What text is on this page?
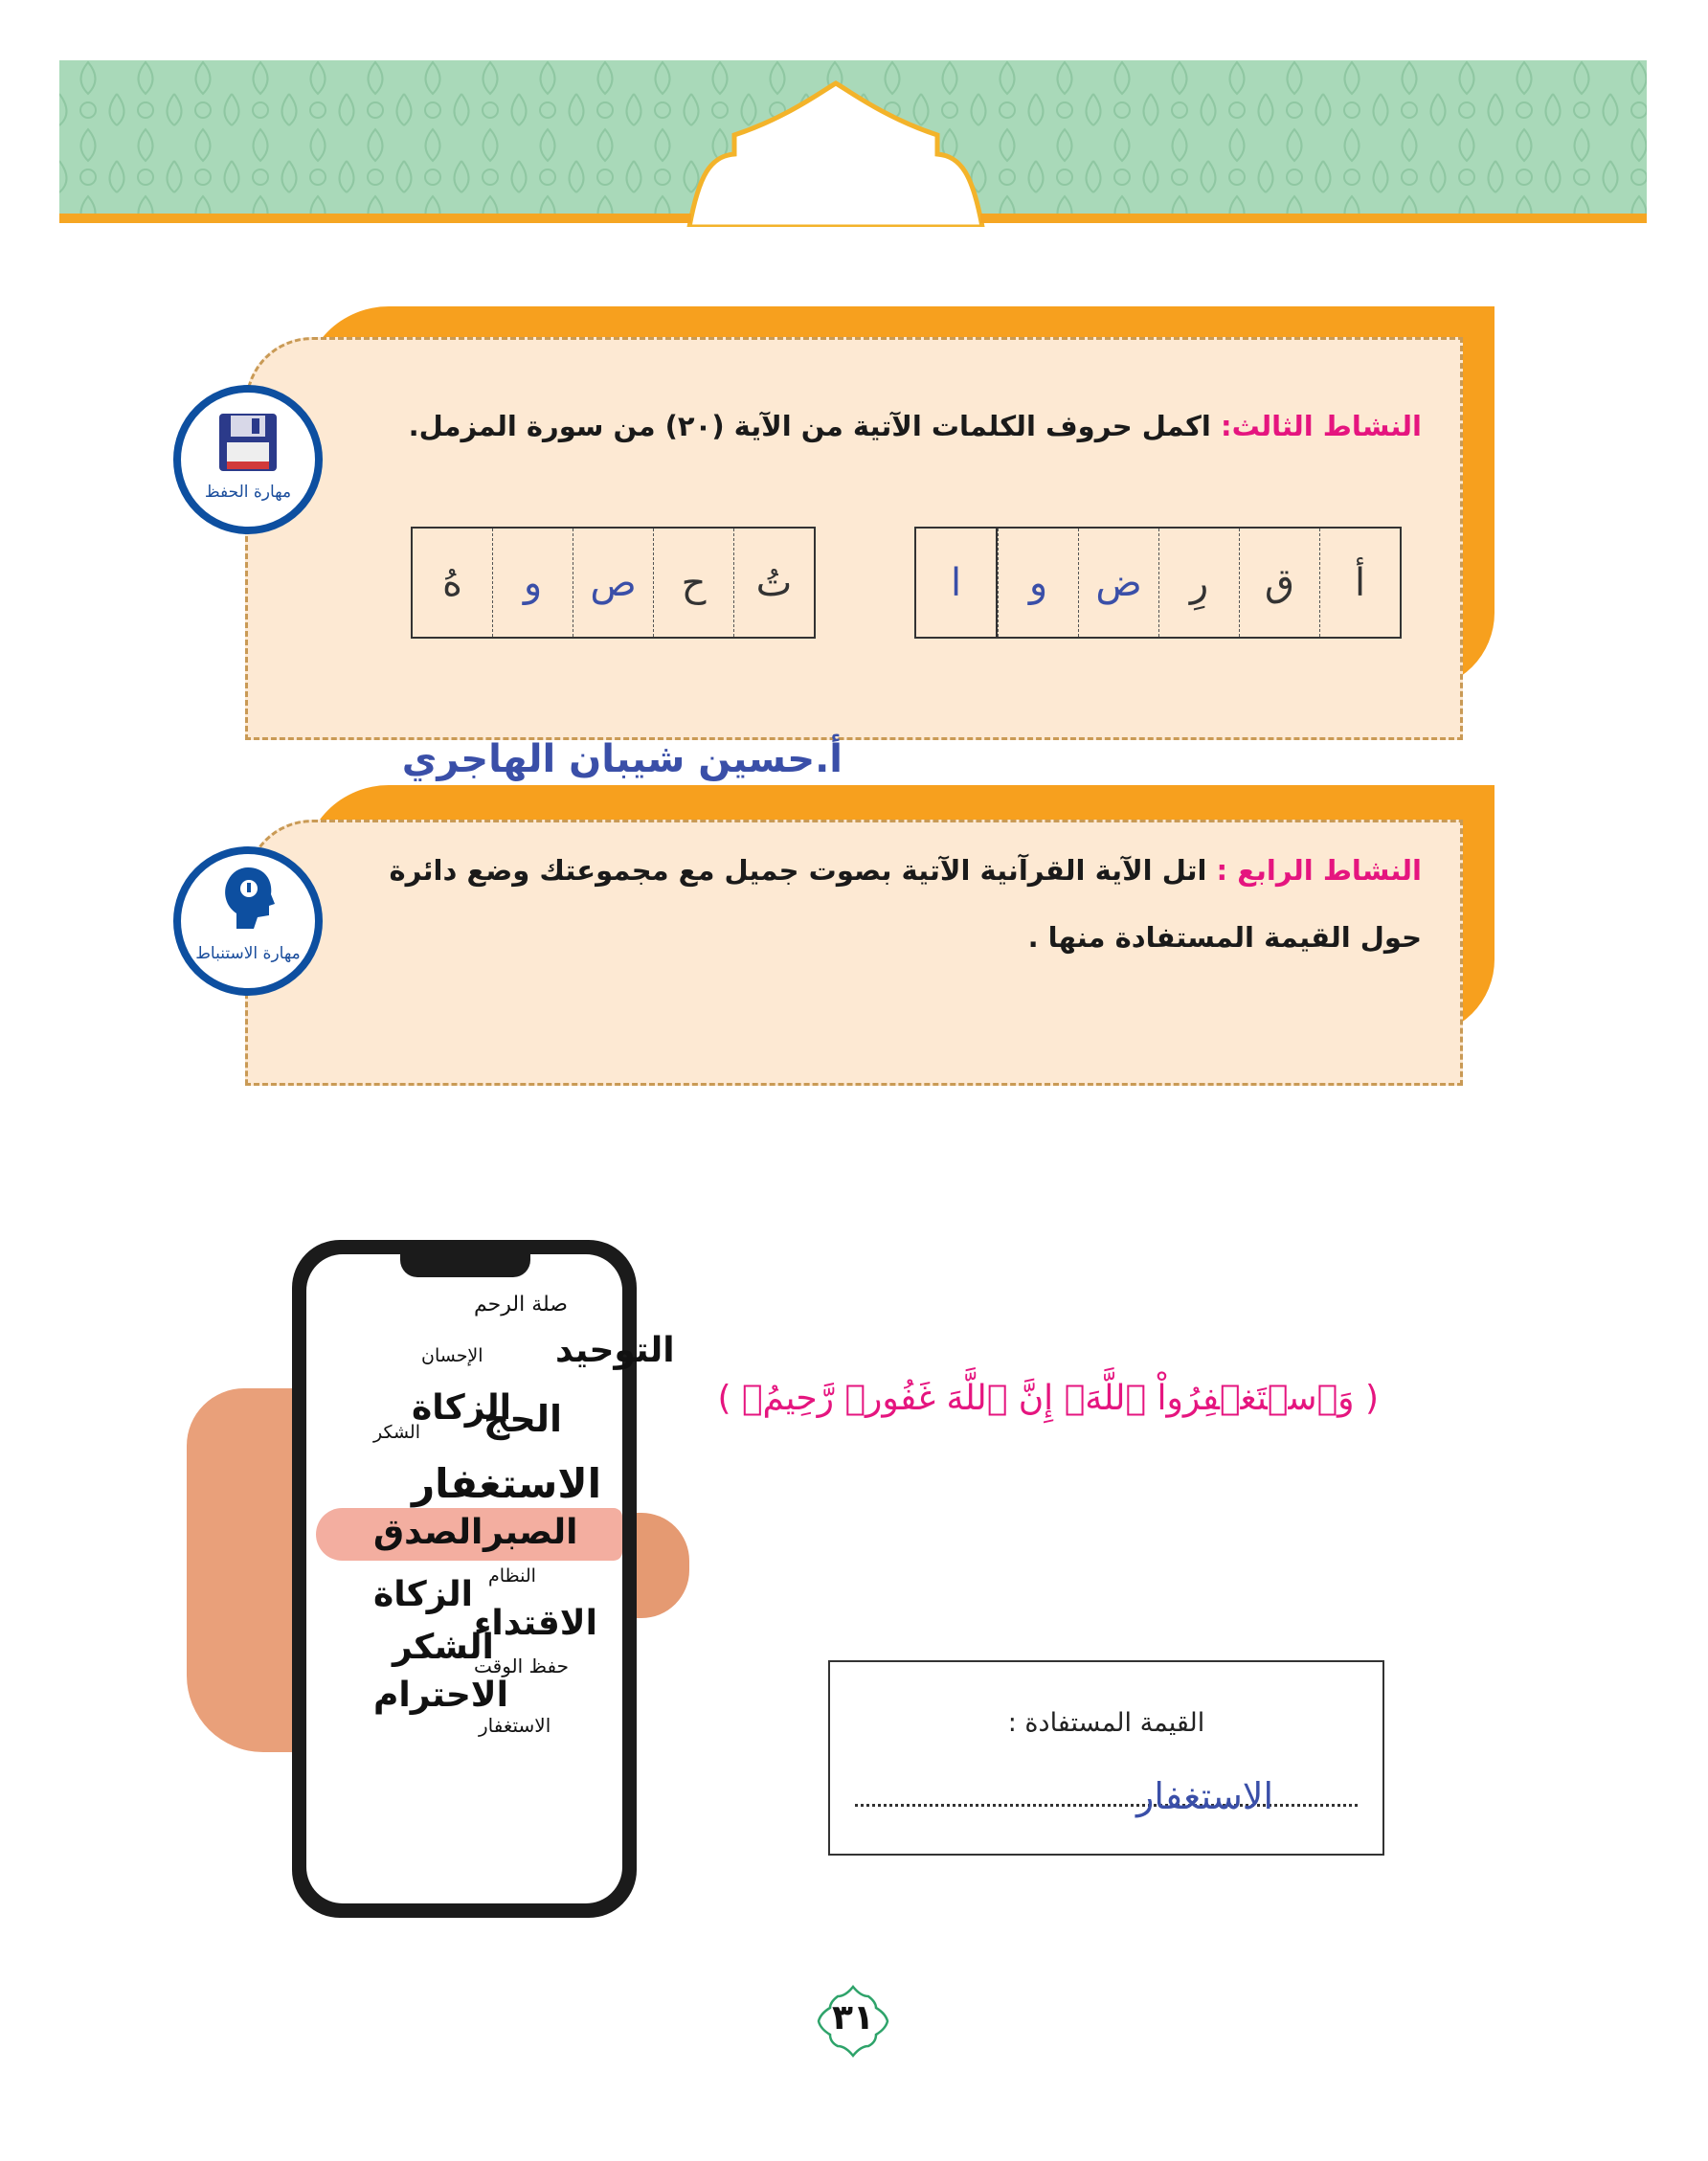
مهارة الحفظ
النشاط الثالث: اكمل حروف الكلمات الآتية من الآية (٢٠) من سورة المزمل.
أ
ق
رِ
ض
و
ا
تُ
ح
ص
و
هُ
أ.حسين شيبان الهاجري
مهارة الاستنباط
النشاط الرابع : اتل الآية القرآنية الآتية بصوت جميل مع مجموعتك وضع دائرة
حول القيمة المستفادة منها .
صلة الرحم
التوحيد
الإحسان
الحج
الزكاة
الشكر
الاستغفار
الصبر
الصدق
النظام
الزكاة
الاقتداء
الشكر
حفظ الوقت
الاحترام
الاستغفار
( وَٱسۡتَغۡفِرُواْ ٱللَّهَۖ إِنَّ ٱللَّهَ غَفُورٞ رَّحِيمُۢ )
القيمة المستفادة :
الاستغفار
٣١
